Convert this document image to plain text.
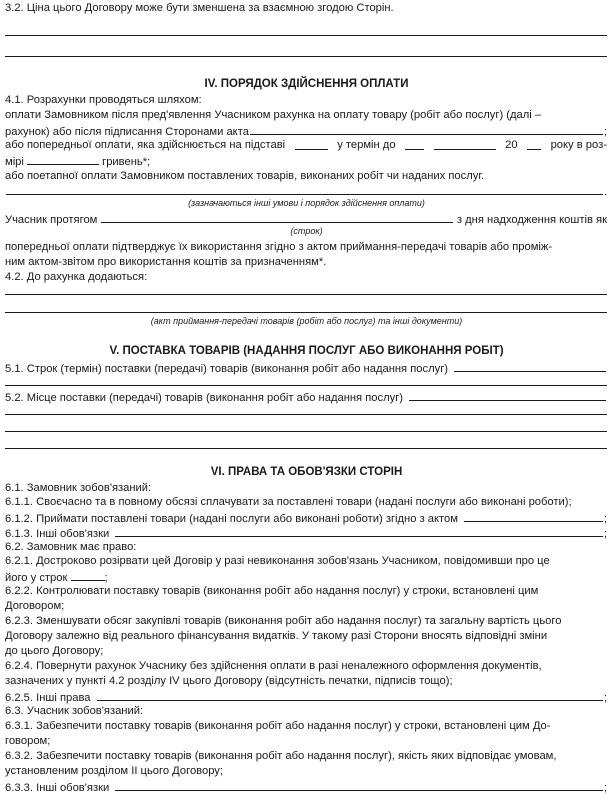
3.2. Ціна цього Договору може бути зменшена за взаємною згодою Сторін.
IV. ПОРЯДОК ЗДІЙСНЕННЯ ОПЛАТИ
4.1. Розрахунки проводяться шляхом:
оплати Замовником після пред'явлення Учасником рахунка на оплату товару (робіт або послуг) (далі –
рахунок) або після підписання Сторонами акта	;
або попередньої оплати, яка здійснюється на підставі	у термін до	20	року в роз-
мірі	гривень*;
або поетапної оплати Замовником поставлених товарів, виконаних робіт чи наданих послуг.
.
(зазначаються інші умови і порядок здійснення оплати)
Учасник протягом	з дня надходження коштів як
(строк)
попередньої оплати підтверджує їх використання згідно з актом приймання-передачі товарів або проміж-
ним актом-звітом про використання коштів за призначенням*.
4.2. До рахунка додаються:
(акт приймання-передачі товарів (робіт або послуг) та інші документи)
V. ПОСТАВКА ТОВАРІВ (НАДАННЯ ПОСЛУГ АБО ВИКОНАННЯ РОБІТ)
5.1. Строк (термін) поставки (передачі) товарів (виконання робіт або надання послуг)
5.2. Місце поставки (передачі) товарів (виконання робіт або надання послуг)
VI. ПРАВА ТА ОБОВ'ЯЗКИ СТОРІН
6.1. Замовник зобов'язаний:
6.1.1. Своєчасно та в повному обсязі сплачувати за поставлені товари (надані послуги або виконані роботи);
6.1.2. Приймати поставлені товари (надані послуги або виконані роботи) згідно з актом	;
6.1.3. Інші обов'язки	;
6.2. Замовник має право:
6.2.1. Достроково розірвати цей Договір у разі невиконання зобов'язань Учасником, повідомивши про це
його у строк	;
6.2.2. Контролювати поставку товарів (виконання робіт або надання послуг) у строки, встановлені цим
Договором;
6.2.3. Зменшувати обсяг закупівлі товарів (виконання робіт або надання послуг) та загальну вартість цього
Договору залежно від реального фінансування видатків. У такому разі Сторони вносять відповідні зміни
до цього Договору;
6.2.4. Повернути рахунок Учаснику без здійснення оплати в разі неналежного оформлення документів,
зазначених у пункті 4.2 розділу IV цього Договору (відсутність печатки, підписів тощо);
6.2.5. Інші права	;
6.3. Учасник зобов'язаний:
6.3.1. Забезпечити поставку товарів (виконання робіт або надання послуг) у строки, встановлені цим До-
говором;
6.3.2. Забезпечити поставку товарів (виконання робіт або надання послуг), якість яких відповідає умовам,
установленим розділом II цього Договору;
6.3.3. Інші обов'язки	;
